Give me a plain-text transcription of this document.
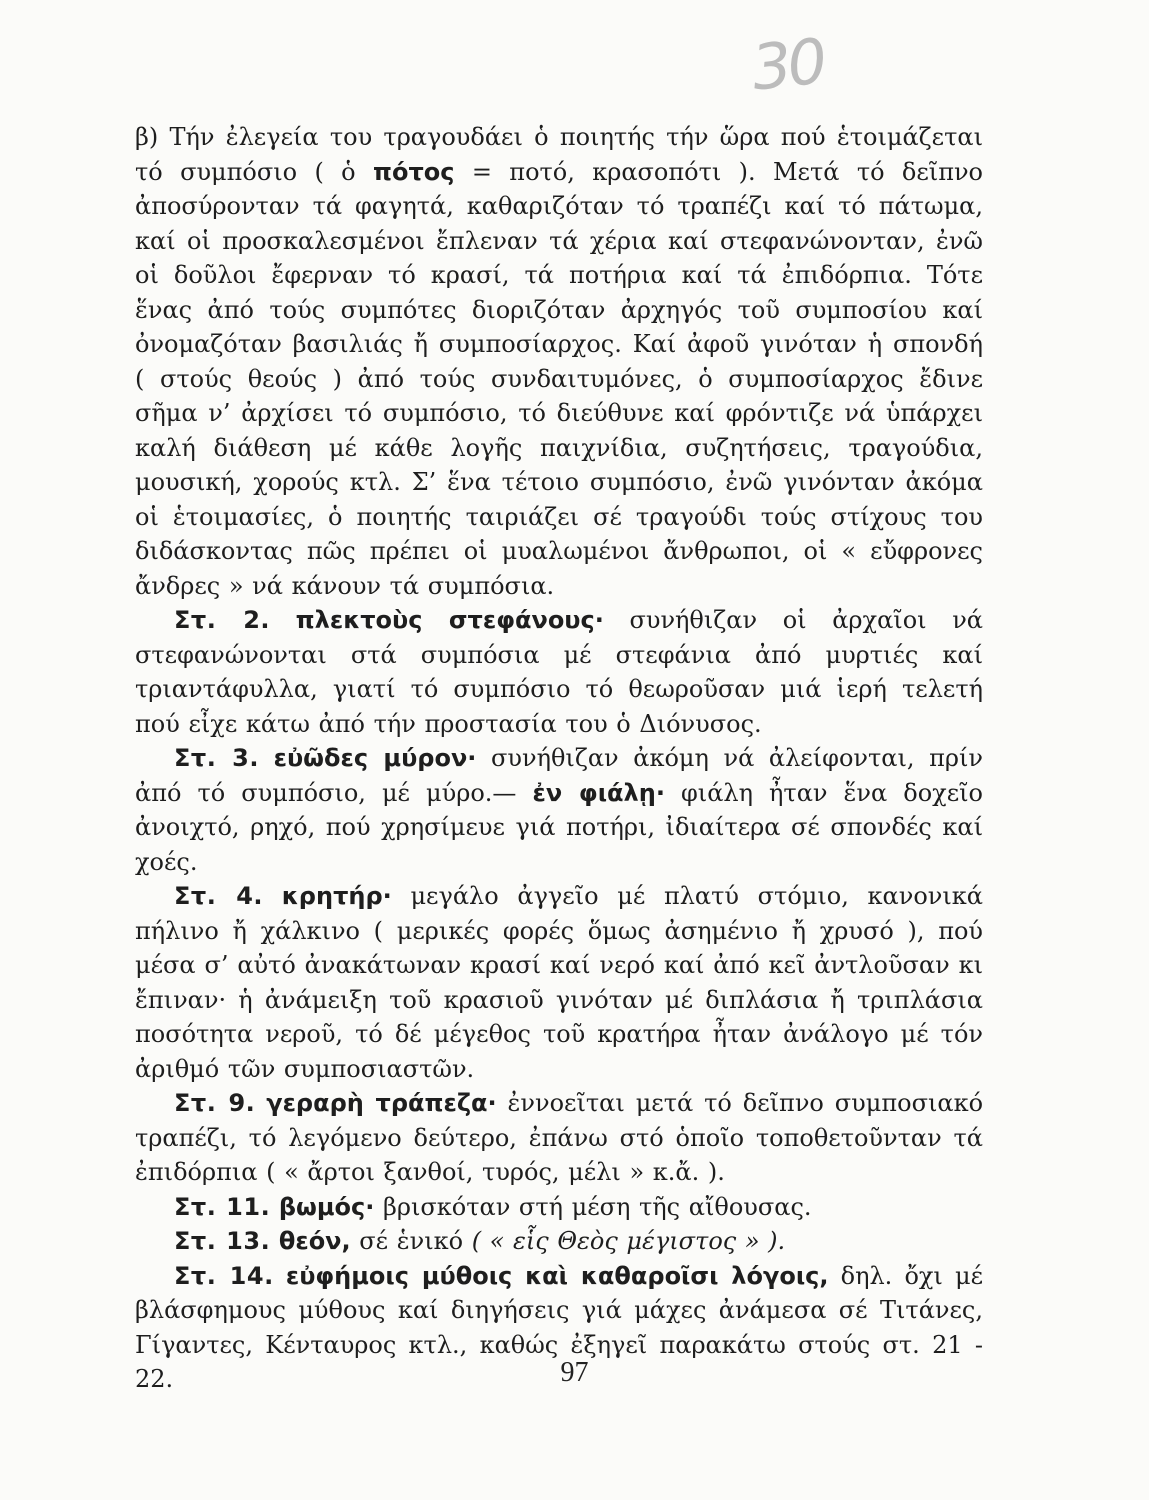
30

β) Τήν ἐλεγεία του τραγουδάει ὁ ποιητής τήν ὥρα πού ἑτοιμάζεται τό συμπόσιο ( ὁ πότος = ποτό, κρασοπότι ). Μετά τό δεῖπνο ἀποσύρονταν τά φαγητά, καθαριζόταν τό τραπέζι καί τό πάτωμα, καί οἱ προσκαλεσμένοι ἔπλεναν τά χέρια καί στεφανώνονταν, ἐνῶ οἱ δοῦλοι ἔφερναν τό κρασί, τά ποτήρια καί τά ἐπιδόρπια. Τότε ἕνας ἀπό τούς συμπότες διοριζόταν ἀρχηγός τοῦ συμποσίου καί ὀνομαζόταν βασιλιάς ἤ συμποσίαρχος. Καί ἀφοῦ γινόταν ἡ σπονδή ( στούς θεούς ) ἀπό τούς συνδαιτυμόνες, ὁ συμποσίαρχος ἔδινε σῆμα ν’ ἀρχίσει τό συμπόσιο, τό διεύθυνε καί φρόντιζε νά ὑπάρχει καλή διάθεση μέ κάθε λογῆς παιχνίδια, συζητήσεις, τραγούδια, μουσική, χορούς κτλ. Σ’ ἕνα τέτοιο συμπόσιο, ἐνῶ γινόνταν ἀκόμα οἱ ἑτοιμασίες, ὁ ποιητής ταιριάζει σέ τραγούδι τούς στίχους του διδάσκοντας πῶς πρέπει οἱ μυαλωμένοι ἄνθρωποι, οἱ « εὔφρονες ἄνδρες » νά κάνουν τά συμπόσια.

Στ. 2. πλεκτοὺς στεφάνους· συνήθιζαν οἱ ἀρχαῖοι νά στεφανώνονται στά συμπόσια μέ στεφάνια ἀπό μυρτιές καί τριαντάφυλλα, γιατί τό συμπόσιο τό θεωροῦσαν μιά ἱερή τελετή πού εἶχε κάτω ἀπό τήν προστασία του ὁ Διόνυσος.

Στ. 3. εὐῶδες μύρον· συνήθιζαν ἀκόμη νά ἀλείφονται, πρίν ἀπό τό συμπόσιο, μέ μύρο.— ἐν φιάλῃ· φιάλη ἦταν ἕνα δοχεῖο ἀνοιχτό, ρηχό, πού χρησίμευε γιά ποτήρι, ἰδιαίτερα σέ σπονδές καί χοές.

Στ. 4. κρητήρ· μεγάλο ἀγγεῖο μέ πλατύ στόμιο, κανονικά πήλινο ἤ χάλκινο ( μερικές φορές ὅμως ἀσημένιο ἤ χρυσό ), πού μέσα σ’ αὐτό ἀνακάτωναν κρασί καί νερό καί ἀπό κεῖ ἀντλοῦσαν κι ἔπιναν· ἡ ἀνάμειξη τοῦ κρασιοῦ γινόταν μέ διπλάσια ἤ τριπλάσια ποσότητα νεροῦ, τό δέ μέγεθος τοῦ κρατήρα ἦταν ἀνάλογο μέ τόν ἀριθμό τῶν συμποσιαστῶν.

Στ. 9. γεραρὴ τράπεζα· ἐννοεῖται μετά τό δεῖπνο συμποσιακό τραπέζι, τό λεγόμενο δεύτερο, ἐπάνω στό ὁποῖο τοποθετοῦνταν τά ἐπιδόρπια ( « ἄρτοι ξανθοί, τυρός, μέλι » κ.ἄ. ).

Στ. 11. βωμός· βρισκόταν στή μέση τῆς αἴθουσας.

Στ. 13. θεόν, σέ ἑνικό ( « εἷς Θεὸς μέγιστος » ).

Στ. 14. εὐφήμοις μύθοις καὶ καθαροῖσι λόγοις, δηλ. ὄχι μέ βλάσφημους μύθους καί διηγήσεις γιά μάχες ἀνάμεσα σέ Τιτάνες, Γίγαντες, Κένταυρος κτλ., καθώς ἐξηγεῖ παρακάτω στούς στ. 21 - 22.	97
